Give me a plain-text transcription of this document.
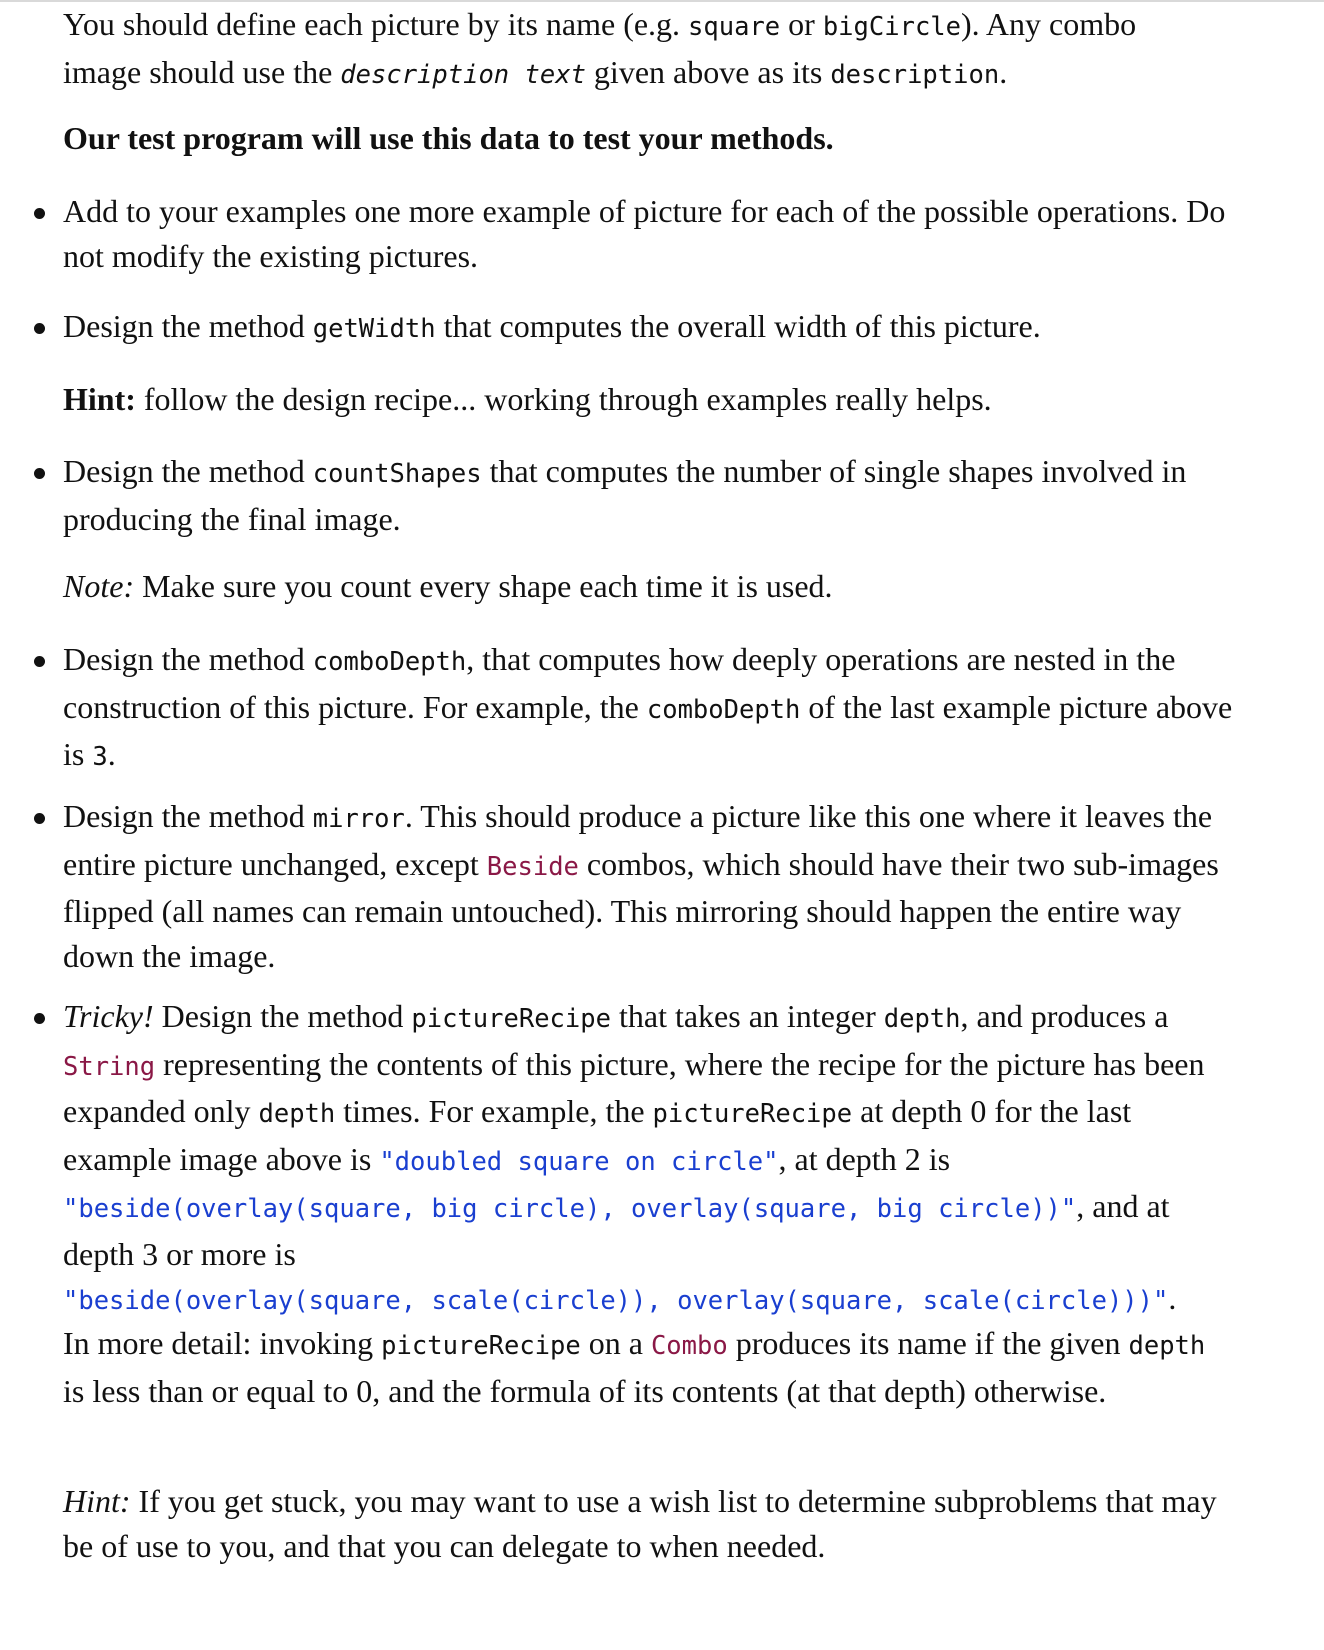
You should define each picture by its name (e.g. square or bigCircle). Any combo image should use the description text given above as its description.

Our test program will use this data to test your methods.

Add to your examples one more example of picture for each of the possible operations. Do not modify the existing pictures.

Design the method getWidth that computes the overall width of this picture.

Hint: follow the design recipe... working through examples really helps.

Design the method countShapes that computes the number of single shapes involved in producing the final image.

Note: Make sure you count every shape each time it is used.

Design the method comboDepth, that computes how deeply operations are nested in the construction of this picture. For example, the comboDepth of the last example picture above is 3.

Design the method mirror. This should produce a picture like this one where it leaves the entire picture unchanged, except Beside combos, which should have their two sub-images flipped (all names can remain untouched). This mirroring should happen the entire way down the image.

Tricky! Design the method pictureRecipe that takes an integer depth, and produces a String representing the contents of this picture, where the recipe for the picture has been expanded only depth times. For example, the pictureRecipe at depth 0 for the last example image above is "doubled square on circle", at depth 2 is
"beside(overlay(square, big circle), overlay(square, big circle))", and at depth 3 or more is
"beside(overlay(square, scale(circle)), overlay(square, scale(circle)))".

In more detail: invoking pictureRecipe on a Combo produces its name if the given depth is less than or equal to 0, and the formula of its contents (at that depth) otherwise.

Hint: If you get stuck, you may want to use a wish list to determine subproblems that may be of use to you, and that you can delegate to when needed.
